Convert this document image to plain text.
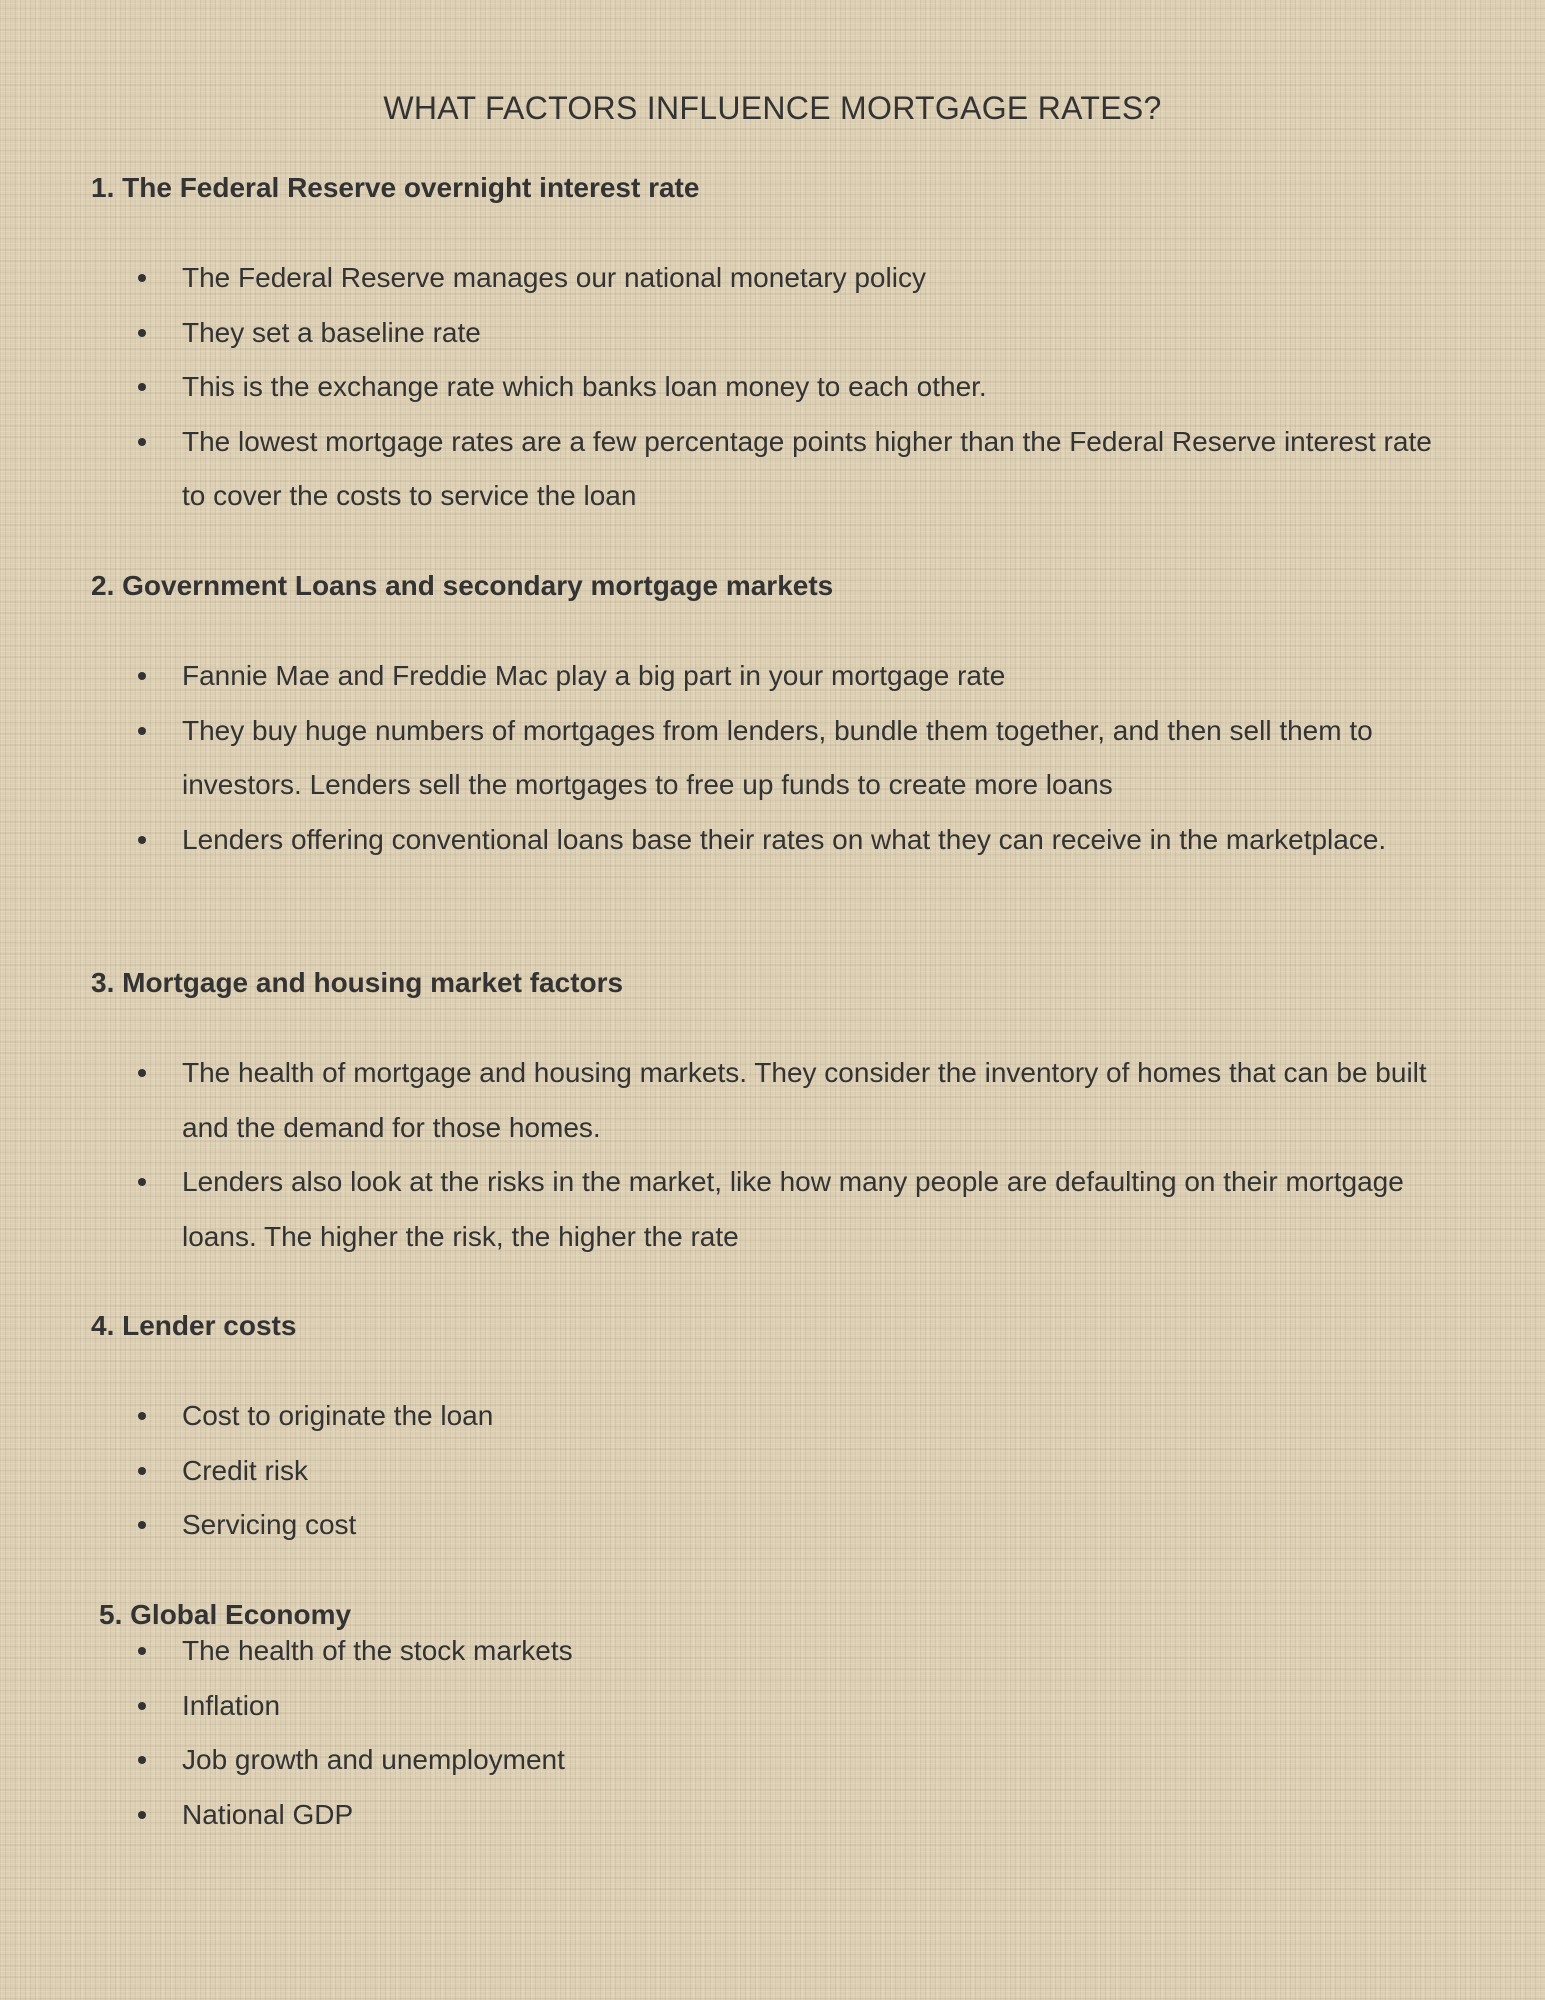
WHAT FACTORS INFLUENCE MORTGAGE RATES?
1. The Federal Reserve overnight interest rate
The Federal Reserve manages our national monetary policy
They set a baseline rate
This is the exchange rate which banks loan money to each other.
The lowest mortgage rates are a few percentage points higher than the Federal Reserve interest rate to cover the costs to service the loan
2. Government Loans and secondary mortgage markets
Fannie Mae and Freddie Mac play a big part in your mortgage rate
They buy huge numbers of mortgages from lenders, bundle them together, and then sell them to investors. Lenders sell the mortgages to free up funds to create more loans
Lenders offering conventional loans base their rates on what they can receive in the marketplace.
3. Mortgage and housing market factors
The health of mortgage and housing markets. They consider the inventory of homes that can be built and the demand for those homes.
Lenders also look at the risks in the market, like how many people are defaulting on their mortgage loans. The higher the risk, the higher the rate
4. Lender costs
Cost to originate the loan
Credit risk
Servicing cost
5. Global Economy
The health of the stock markets
Inflation
Job growth and unemployment
National GDP
